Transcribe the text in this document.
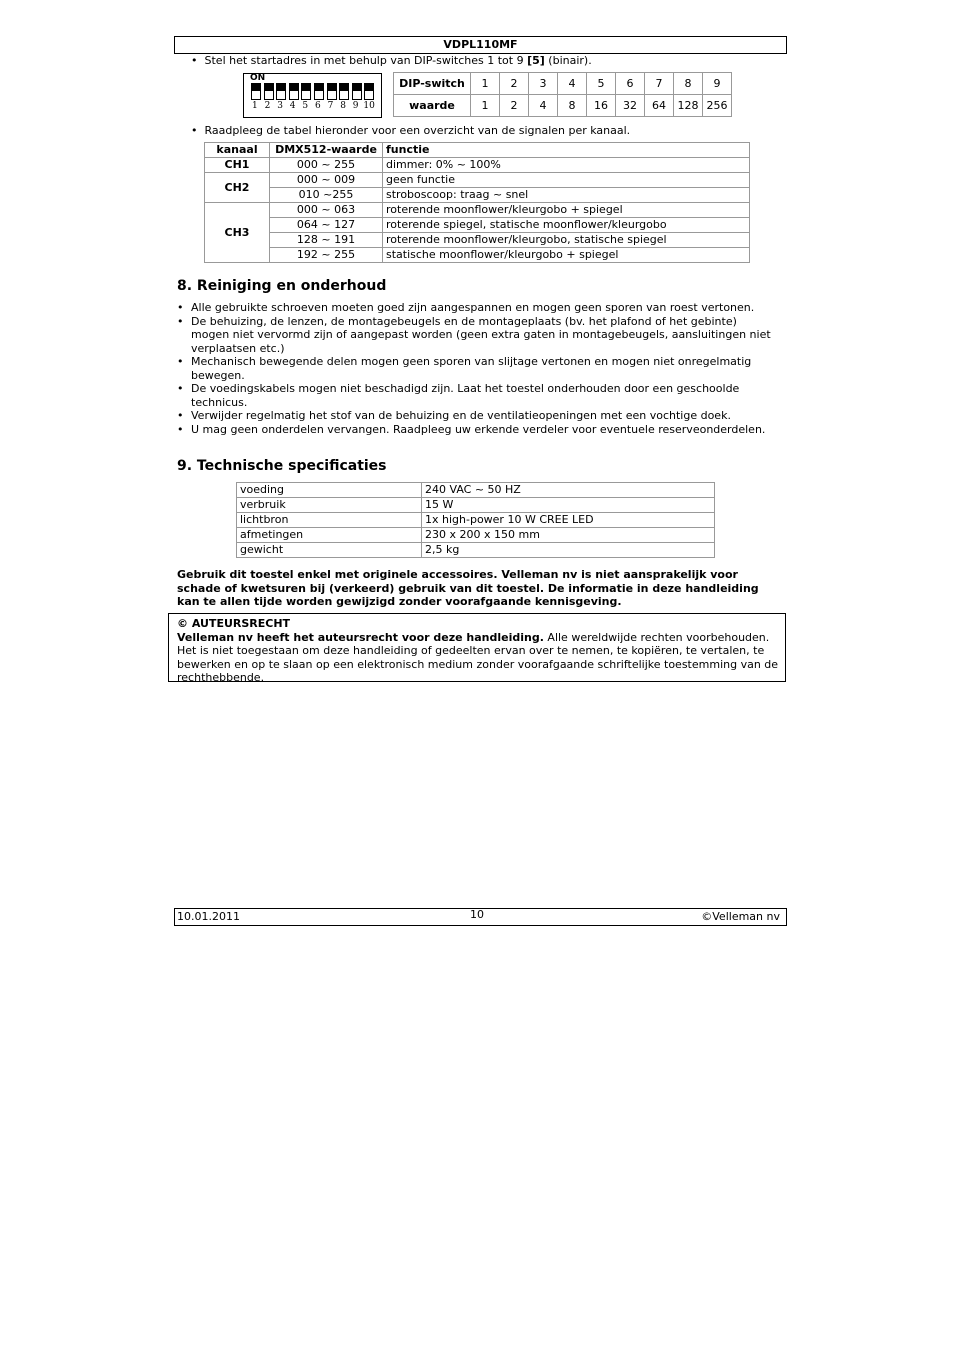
VDPL110MF
• Stel het startadres in met behulp van DIP-switches 1 tot 9 [5] (binair).
ON
1 2 3 4 5 6 7 8 9 10
DIP-switch	1	2	3	4	5	6	7	8	9
waarde	1	2	4	8	16	32	64	128	256
• Raadpleeg de tabel hieronder voor een overzicht van de signalen per kanaal.
kanaal	DMX512-waarde	functie
CH1	000 ~ 255	dimmer: 0% ~ 100%
CH2	000 ~ 009	geen functie
	010 ~255	stroboscoop: traag ~ snel
CH3	000 ~ 063	roterende moonflower/kleurgobo + spiegel
	064 ~ 127	roterende spiegel, statische moonflower/kleurgobo
	128 ~ 191	roterende moonflower/kleurgobo, statische spiegel
	192 ~ 255	statische moonflower/kleurgobo + spiegel
8. Reiniging en onderhoud
• Alle gebruikte schroeven moeten goed zijn aangespannen en mogen geen sporen van roest vertonen.
• De behuizing, de lenzen, de montagebeugels en de montageplaats (bv. het plafond of het gebinte) mogen niet vervormd zijn of aangepast worden (geen extra gaten in montagebeugels, aansluitingen niet verplaatsen etc.)
• Mechanisch bewegende delen mogen geen sporen van slijtage vertonen en mogen niet onregelmatig bewegen.
• De voedingskabels mogen niet beschadigd zijn. Laat het toestel onderhouden door een geschoolde technicus.
• Verwijder regelmatig het stof van de behuizing en de ventilatieopeningen met een vochtige doek.
• U mag geen onderdelen vervangen. Raadpleeg uw erkende verdeler voor eventuele reserveonderdelen.
9. Technische specificaties
voeding	240 VAC ~ 50 HZ
verbruik	15 W
lichtbron	1x high-power 10 W CREE LED
afmetingen	230 x 200 x 150 mm
gewicht	2,5 kg
Gebruik dit toestel enkel met originele accessoires. Velleman nv is niet aansprakelijk voor schade of kwetsuren bij (verkeerd) gebruik van dit toestel. De informatie in deze handleiding kan te allen tijde worden gewijzigd zonder voorafgaande kennisgeving.
© AUTEURSRECHT
Velleman nv heeft het auteursrecht voor deze handleiding. Alle wereldwijde rechten voorbehouden. Het is niet toegestaan om deze handleiding of gedeelten ervan over te nemen, te kopiëren, te vertalen, te bewerken en op te slaan op een elektronisch medium zonder voorafgaande schriftelijke toestemming van de rechthebbende.
10.01.2011	10	©Velleman nv
